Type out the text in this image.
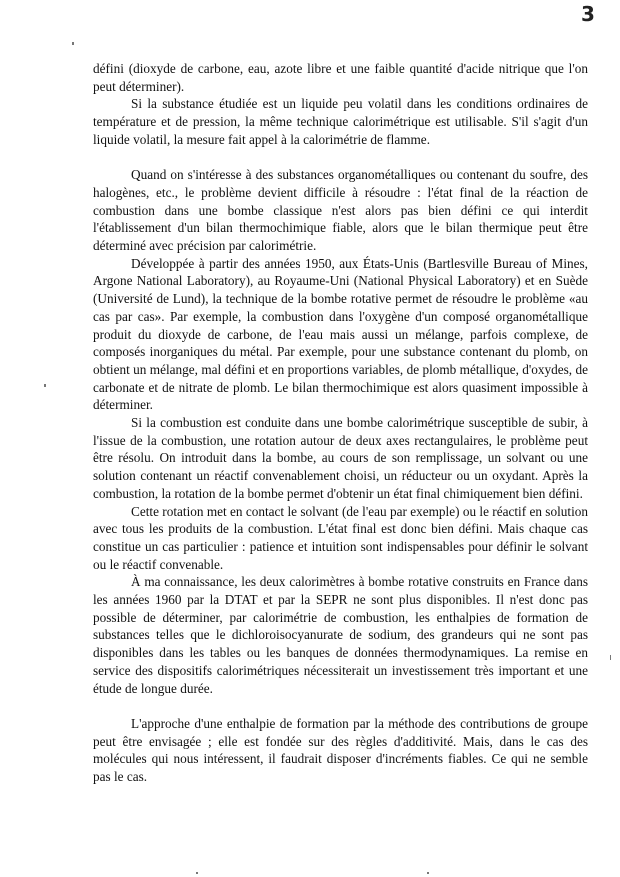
3

défini (dioxyde de carbone, eau, azote libre et une faible quantité d'acide nitrique que l'on peut déterminer).

Si la substance étudiée est un liquide peu volatil dans les conditions ordinaires de température et de pression, la même technique calorimétrique est utilisable. S'il s'agit d'un liquide volatil, la mesure fait appel à la calorimétrie de flamme.

Quand on s'intéresse à des substances organométalliques ou contenant du soufre, des halogènes, etc., le problème devient difficile à résoudre : l'état final de la réaction de combustion dans une bombe classique n'est alors pas bien défini ce qui interdit l'établissement d'un bilan thermochimique fiable, alors que le bilan thermique peut être déterminé avec précision par calorimétrie.

Développée à partir des années 1950, aux États-Unis (Bartlesville Bureau of Mines, Argone National Laboratory), au Royaume-Uni (National Physical Laboratory) et en Suède (Université de Lund), la technique de la bombe rotative permet de résoudre le problème «au cas par cas». Par exemple, la combustion dans l'oxygène d'un composé organométallique produit du dioxyde de carbone, de l'eau mais aussi un mélange, parfois complexe, de composés inorganiques du métal. Par exemple, pour une substance contenant du plomb, on obtient un mélange, mal défini et en proportions variables, de plomb métallique, d'oxydes, de carbonate et de nitrate de plomb. Le bilan thermochimique est alors quasiment impossible à déterminer.

Si la combustion est conduite dans une bombe calorimétrique susceptible de subir, à l'issue de la combustion, une rotation autour de deux axes rectangulaires, le problème peut être résolu. On introduit dans la bombe, au cours de son remplissage, un solvant ou une solution contenant un réactif convenablement choisi, un réducteur ou un oxydant. Après la combustion, la rotation de la bombe permet d'obtenir un état final chimiquement bien défini.

Cette rotation met en contact le solvant (de l'eau par exemple) ou le réactif en solution avec tous les produits de la combustion. L'état final est donc bien défini. Mais chaque cas constitue un cas particulier : patience et intuition sont indispensables pour définir le solvant ou le réactif convenable.

À ma connaissance, les deux calorimètres à bombe rotative construits en France dans les années 1960 par la DTAT et par la SEPR ne sont plus disponibles. Il n'est donc pas possible de déterminer, par calorimétrie de combustion, les enthalpies de formation de substances telles que le dichloroisocyanurate de sodium, des grandeurs qui ne sont pas disponibles dans les tables ou les banques de données thermodynamiques. La remise en service des dispositifs calorimétriques nécessiterait un investissement très important et une étude de longue durée.

L'approche d'une enthalpie de formation par la méthode des contributions de groupe peut être envisagée ; elle est fondée sur des règles d'additivité. Mais, dans le cas des molécules qui nous intéressent, il faudrait disposer d'incréments fiables. Ce qui ne semble pas le cas.
